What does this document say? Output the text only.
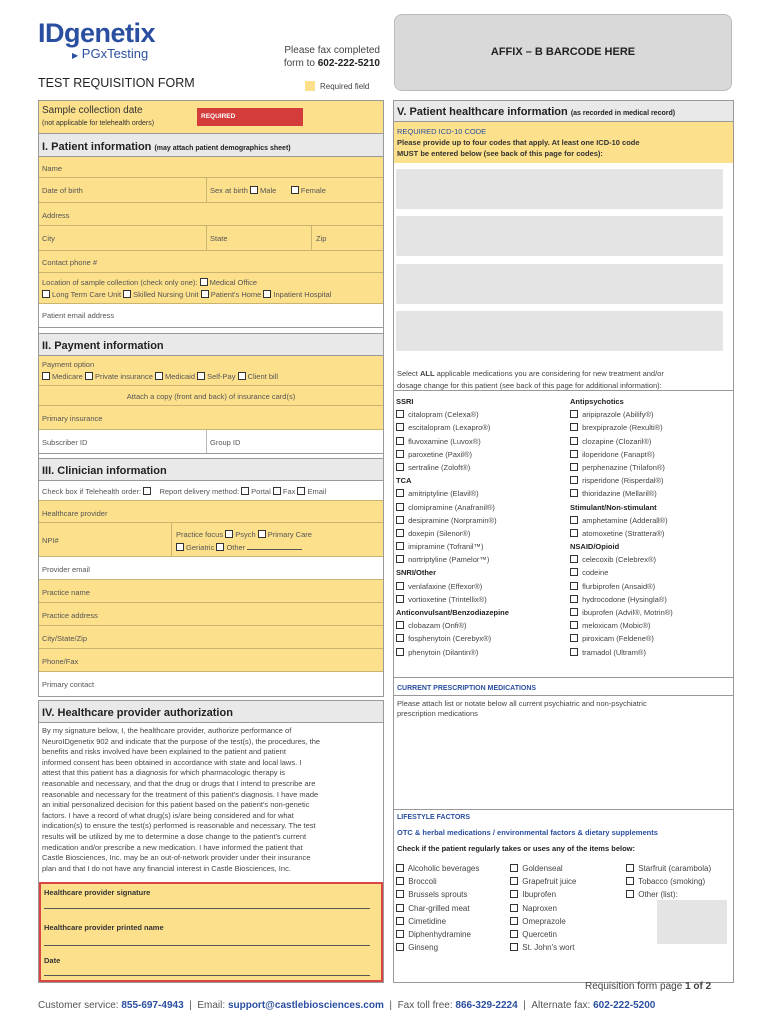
IDgenetix
▶ PGxTesting	Please fax completed
form to 602-222-5210
AFFIX – B BARCODE HERE
TEST REQUISITION FORM	Required field
Sample collection date
(not applicable for telehealth orders)
REQUIRED
I. Patient information (may attach patient demographics sheet)
Name
Date of birth	Sex at birth Male	Female
Address
City	State	Zip
Contact phone #
Location of sample collection (check only one): Medical Office
Long Term Care Unit Skilled Nursing Unit Patient's Home Inpatient Hospital
Patient email address
II. Payment information
Payment option
Medicare Private insurance Medicaid Self-Pay Client bill
Attach a copy (front and back) of insurance card(s)
Primary insurance
Subscriber ID	Group ID
III. Clinician information
Check box if Telehealth order: Report delivery method: Portal Fax Email
Healthcare provider
NPI#
Practice focus Psych Primary Care
Geriatric Other
Provider email
Practice name
Practice address
City/State/Zip
Phone/Fax
Primary contact
IV. Healthcare provider authorization
By my signature below, I, the healthcare provider, authorize performance of
NeuroIDgenetix 902 and indicate that the purpose of the test(s), the procedures, the
benefits and risks involved have been explained to the patient and patient
informed consent has been obtained in accordance with state and local laws. I
attest that this patient has a diagnosis for which pharmacologic therapy is
reasonable and necessary, and that the drug or drugs that I intend to prescribe are
reasonable and necessary for the treatment of this patient's diagnosis. I have made
an initial personalized decision for this patient based on the patient's non-genetic
factors. I have a record of what drug(s) is/are being considered and for what
indication(s) to ensure the test(s) performed is reasonable and necessary. The test
results will be utilized by me to determine a dose change to the patient's current
medication and/or prescribe a new medication. I have informed the patient that
Castle Biosciences, Inc. may be an out-of-network provider under their insurance
plan and that I do not have any financial interest in Castle Biosciences, Inc.
Healthcare provider signature
Healthcare provider printed name
Date
V. Patient healthcare information (as recorded in medical record)
REQUIRED ICD-10 CODE
Please provide up to four codes that apply. At least one ICD-10 code
MUST be entered below (see back of this page for codes):
Select ALL applicable medications you are considering for new treatment and/or
dosage change for this patient (see back of this page for additional information):
CURRENT PRESCRIPTION MEDICATIONS
Please attach list or notate below all current psychiatric and non-psychiatric
prescription medications
LIFESTYLE FACTORS
OTC & herbal medications / environmental factors & dietary supplements
Check if the patient regularly takes or uses any of the items below:
SSRI
citalopram (Celexa®)
escitalopram (Lexapro®)
fluvoxamine (Luvox®)
paroxetine (Paxil®)
sertraline (Zoloft®)
TCA
amitriptyline (Elavil®)
clomipramine (Anafranil®)
desipramine (Norpramin®)
doxepin (Silenor®)
imipramine (Tofranil™)
nortriptyline (Pamelor™)
SNRI/Other
venlafaxine (Effexor®)
vortioxetine (Trintellix®)
Anticonvulsant/Benzodiazepine
clobazam (Onfi®)
fosphenytoin (Cerebyx®)
phenytoin (Dilantin®)
Antipsychotics
aripiprazole (Abilify®)
brexpiprazole (Rexulti®)
clozapine (Clozaril®)
iloperidone (Fanapt®)
perphenazine (Trilafon®)
risperidone (Risperdal®)
thioridazine (Mellaril®)
Stimulant/Non-stimulant
amphetamine (Adderall®)
atomoxetine (Strattera®)
NSAID/Opioid
celecoxib (Celebrex®)
codeine
flurbiprofen (Ansaid®)
hydrocodone (Hysingla®)
ibuprofen (Advil®, Motrin®)
meloxicam (Mobic®)
piroxicam (Feldene®)
tramadol (Ultram®)
Alcoholic beverages
Broccoli
Brussels sprouts
Char-grilled meat
Cimetidine
Diphenhydramine
Ginseng
Goldenseal
Grapefruit juice
Ibuprofen
Naproxen
Omeprazole
Quercetin
St. John's wort
Starfruit (carambola)
Tobacco (smoking)
Other (list):
Requisition form page 1 of 2
Customer service: 855-697-4943  |  Email: support@castlebiosciences.com  |  Fax toll free: 866-329-2224  |  Alternate fax: 602-222-5200
